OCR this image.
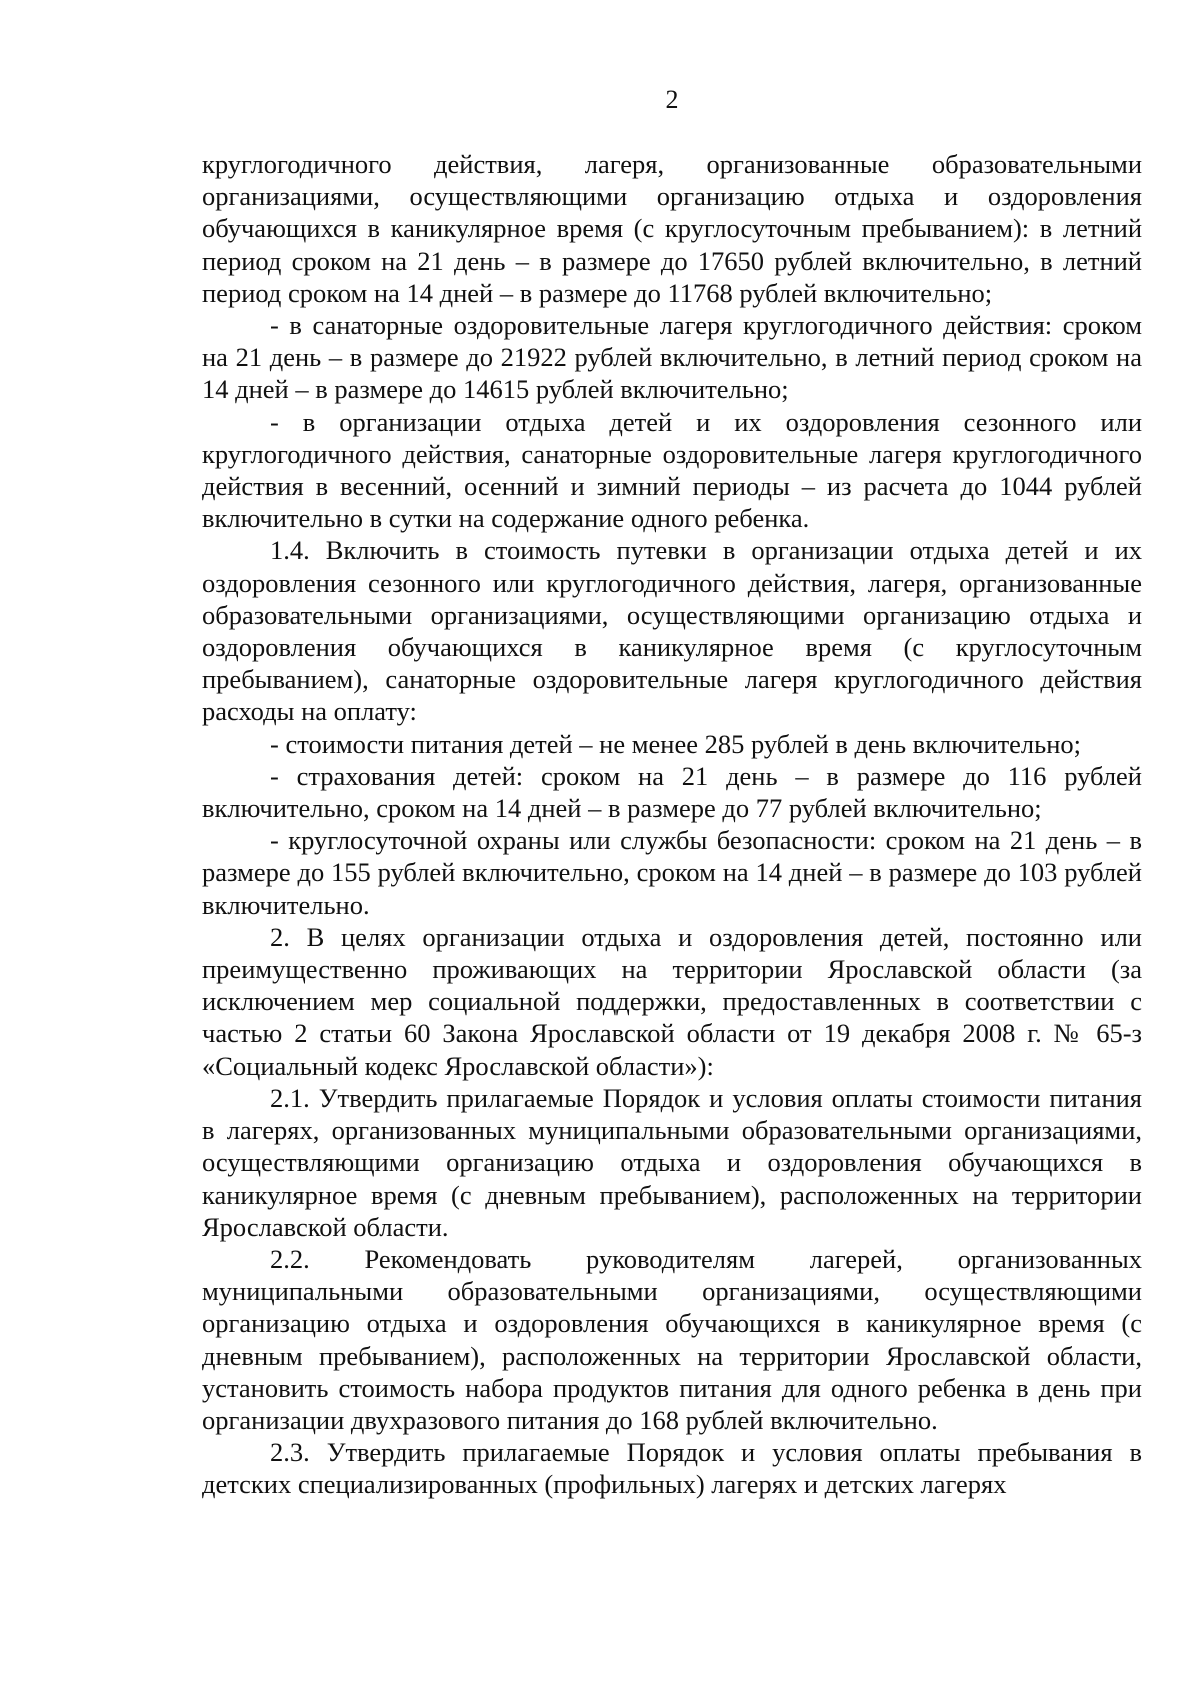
2

круглогодичного действия, лагеря, организованные образовательными организациями, осуществляющими организацию отдыха и оздоровления обучающихся в каникулярное время (с круглосуточным пребыванием): в летний период сроком на 21 день – в размере до 17650 рублей включительно, в летний период сроком на 14 дней – в размере до 11768 рублей включительно;

- в санаторные оздоровительные лагеря круглогодичного действия: сроком на 21 день – в размере до 21922 рублей включительно, в летний период сроком на 14 дней – в размере до 14615 рублей включительно;

- в организации отдыха детей и их оздоровления сезонного или круглогодичного действия, санаторные оздоровительные лагеря круглогодичного действия в весенний, осенний и зимний периоды – из расчета до 1044 рублей включительно в сутки на содержание одного ребенка.

1.4. Включить в стоимость путевки в организации отдыха детей и их оздоровления сезонного или круглогодичного действия, лагеря, организованные образовательными организациями, осуществляющими организацию отдыха и оздоровления обучающихся в каникулярное время (с круглосуточным пребыванием), санаторные оздоровительные лагеря круглогодичного действия расходы на оплату:

- стоимости питания детей – не менее 285 рублей в день включительно;

- страхования детей: сроком на 21 день – в размере до 116 рублей включительно, сроком на 14 дней – в размере до 77 рублей включительно;

- круглосуточной охраны или службы безопасности: сроком на 21 день – в размере до 155 рублей включительно, сроком на 14 дней – в размере до 103 рублей включительно.

2. В целях организации отдыха и оздоровления детей, постоянно или преимущественно проживающих на территории Ярославской области (за исключением мер социальной поддержки, предоставленных в соответствии с частью 2 статьи 60 Закона Ярославской области от 19 декабря 2008 г. № 65-з «Социальный кодекс Ярославской области»):

2.1. Утвердить прилагаемые Порядок и условия оплаты стоимости питания в лагерях, организованных муниципальными образовательными организациями, осуществляющими организацию отдыха и оздоровления обучающихся в каникулярное время (с дневным пребыванием), расположенных на территории Ярославской области.

2.2. Рекомендовать руководителям лагерей, организованных муниципальными образовательными организациями, осуществляющими организацию отдыха и оздоровления обучающихся в каникулярное время (с дневным пребыванием), расположенных на территории Ярославской области, установить стоимость набора продуктов питания для одного ребенка в день при организации двухразового питания до 168 рублей включительно.

2.3. Утвердить прилагаемые Порядок и условия оплаты пребывания в детских специализированных (профильных) лагерях и детских лагерях
